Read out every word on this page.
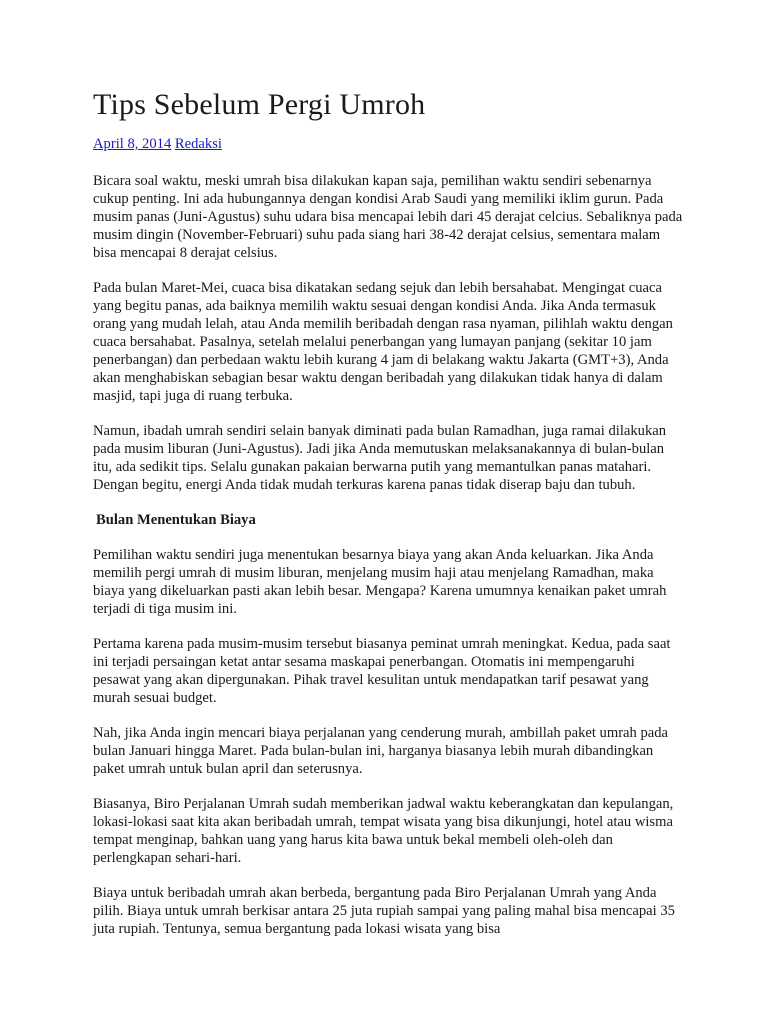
Tips Sebelum Pergi Umroh
April 8, 2014 Redaksi

Bicara soal waktu, meski umrah bisa dilakukan kapan saja, pemilihan waktu sendiri sebenarnya cukup penting. Ini ada hubungannya dengan kondisi Arab Saudi yang memiliki iklim gurun. Pada musim panas (Juni-Agustus) suhu udara bisa mencapai lebih dari 45 derajat celcius. Sebaliknya pada musim dingin (November-Februari) suhu pada siang hari 38-42 derajat celsius, sementara malam bisa mencapai 8 derajat celsius.

Pada bulan Maret-Mei, cuaca bisa dikatakan sedang sejuk dan lebih bersahabat. Mengingat cuaca yang begitu panas, ada baiknya memilih waktu sesuai dengan kondisi Anda. Jika Anda termasuk orang yang mudah lelah, atau Anda memilih beribadah dengan rasa nyaman, pilihlah waktu dengan cuaca bersahabat. Pasalnya, setelah melalui penerbangan yang lumayan panjang (sekitar 10 jam penerbangan) dan perbedaan waktu lebih kurang 4 jam di belakang waktu Jakarta (GMT+3), Anda akan menghabiskan sebagian besar waktu dengan beribadah yang dilakukan tidak hanya di dalam masjid, tapi juga di ruang terbuka.

Namun, ibadah umrah sendiri selain banyak diminati pada bulan Ramadhan, juga ramai dilakukan pada musim liburan (Juni-Agustus). Jadi jika Anda memutuskan melaksanakannya di bulan-bulan itu, ada sedikit tips. Selalu gunakan pakaian berwarna putih yang memantulkan panas matahari. Dengan begitu, energi Anda tidak mudah terkuras karena panas tidak diserap baju dan tubuh.

Bulan Menentukan Biaya

Pemilihan waktu sendiri juga menentukan besarnya biaya yang akan Anda keluarkan. Jika Anda memilih pergi umrah di musim liburan, menjelang musim haji atau menjelang Ramadhan, maka biaya yang dikeluarkan pasti akan lebih besar. Mengapa? Karena umumnya kenaikan paket umrah terjadi di tiga musim ini.

Pertama karena pada musim-musim tersebut biasanya peminat umrah meningkat. Kedua, pada saat ini terjadi persaingan ketat antar sesama maskapai penerbangan. Otomatis ini mempengaruhi pesawat yang akan dipergunakan. Pihak travel kesulitan untuk mendapatkan tarif pesawat yang murah sesuai budget.

Nah, jika Anda ingin mencari biaya perjalanan yang cenderung murah, ambillah paket umrah pada bulan Januari hingga Maret. Pada bulan-bulan ini, harganya biasanya lebih murah dibandingkan paket umrah untuk bulan april dan seterusnya.

Biasanya, Biro Perjalanan Umrah sudah memberikan jadwal waktu keberangkatan dan kepulangan, lokasi-lokasi saat kita akan beribadah umrah, tempat wisata yang bisa dikunjungi, hotel atau wisma tempat menginap, bahkan uang yang harus kita bawa untuk bekal membeli oleh-oleh dan perlengkapan sehari-hari.

Biaya untuk beribadah umrah akan berbeda, bergantung pada Biro Perjalanan Umrah yang Anda pilih. Biaya untuk umrah berkisar antara 25 juta rupiah sampai yang paling mahal bisa mencapai 35 juta rupiah. Tentunya, semua bergantung pada lokasi wisata yang bisa
